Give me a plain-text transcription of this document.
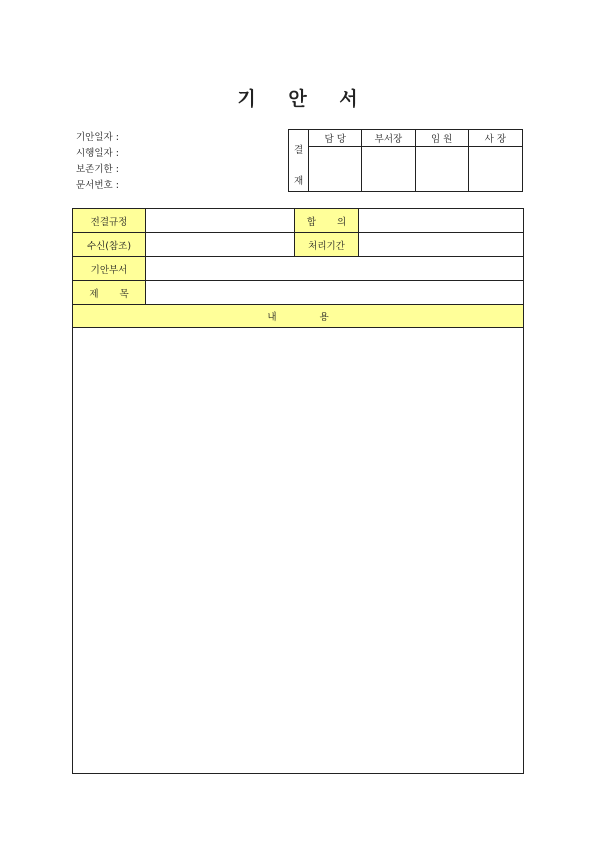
기 안 서
기안일자 :
시행일자 :
보존기한 :
문서번호 :
결	담 당	부서장	임 원	사 장

재				
전결규정		합 의	
수신(참조)		처리기간	
기안부서			
제 목			
내 용			
